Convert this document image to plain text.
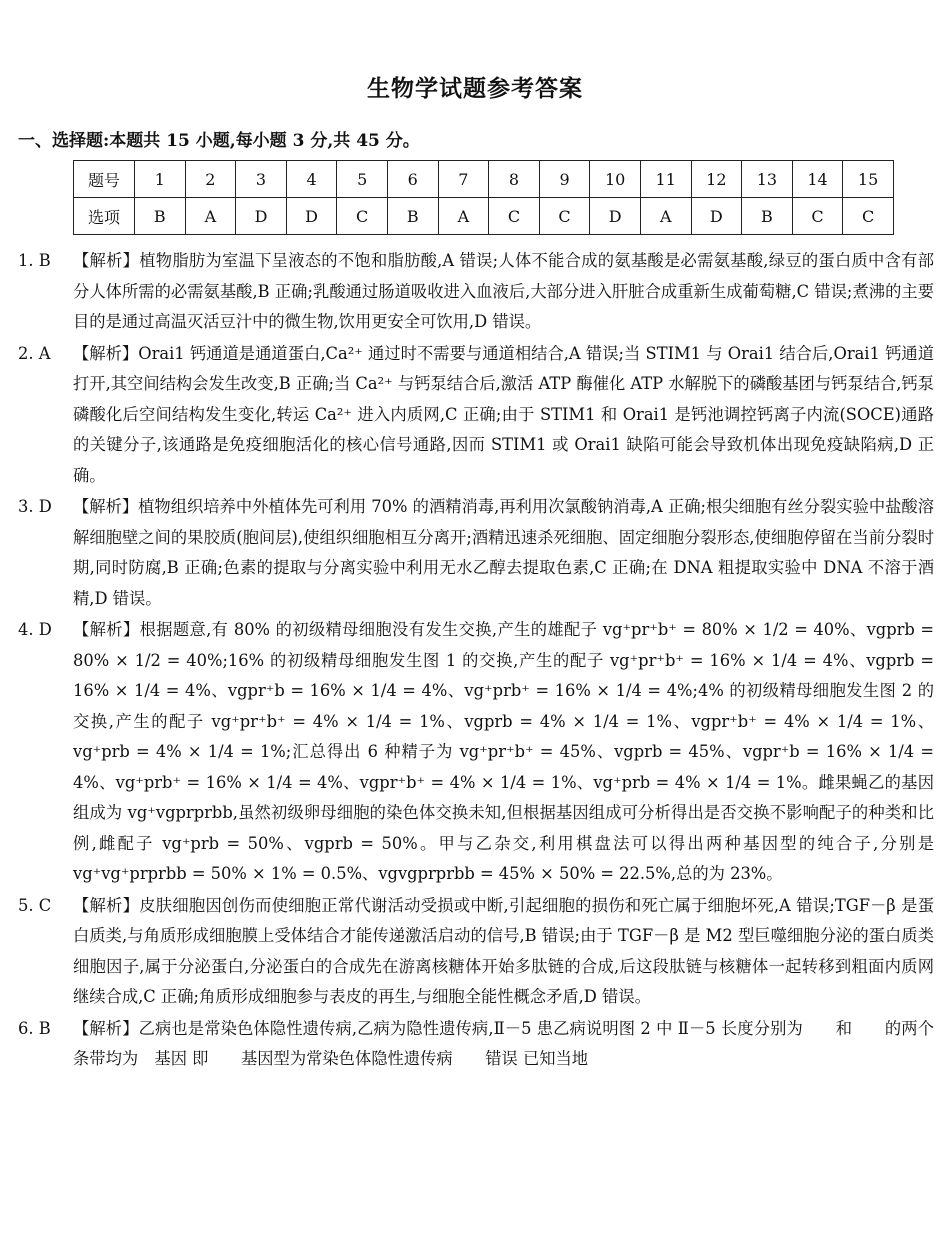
生物学试题参考答案
一、选择题:本题共 15 小题,每小题 3 分,共 45 分。
题号	1	2	3	4	5	6	7	8	9	10	11	12	13	14	15
选项	B	A	D	D	C	B	A	C	C	D	A	D	B	C	C
1. B	【解析】植物脂肪为室温下呈液态的不饱和脂肪酸,A 错误;人体不能合成的氨基酸是必需氨基酸,绿豆的蛋白质中含有部分人体所需的必需氨基酸,B 正确;乳酸通过肠道吸收进入血液后,大部分进入肝脏合成重新生成葡萄糖,C 错误;煮沸的主要目的是通过高温灭活豆汁中的微生物,饮用更安全可饮用,D 错误。
2. A	【解析】Orai1 钙通道是通道蛋白,Ca²⁺ 通过时不需要与通道相结合,A 错误;当 STIM1 与 Orai1 结合后,Orai1 钙通道打开,其空间结构会发生改变,B 正确;当 Ca²⁺ 与钙泵结合后,激活 ATP 酶催化 ATP 水解脱下的磷酸基团与钙泵结合,钙泵磷酸化后空间结构发生变化,转运 Ca²⁺ 进入内质网,C 正确;由于 STIM1 和 Orai1 是钙池调控钙离子内流(SOCE)通路的关键分子,该通路是免疫细胞活化的核心信号通路,因而 STIM1 或 Orai1 缺陷可能会导致机体出现免疫缺陷病,D 正确。
3. D	【解析】植物组织培养中外植体先可利用 70% 的酒精消毒,再利用次氯酸钠消毒,A 正确;根尖细胞有丝分裂实验中盐酸溶解细胞壁之间的果胶质(胞间层),使组织细胞相互分离开;酒精迅速杀死细胞、固定细胞分裂形态,使细胞停留在当前分裂时期,同时防腐,B 正确;色素的提取与分离实验中利用无水乙醇去提取色素,C 正确;在 DNA 粗提取实验中 DNA 不溶于酒精,D 错误。
4. D	【解析】根据题意,有 80% 的初级精母细胞没有发生交换,产生的雄配子 vg⁺pr⁺b⁺ = 80% × 1/2 = 40%、vgprb = 80% × 1/2 = 40%;16% 的初级精母细胞发生图 1 的交换,产生的配子 vg⁺pr⁺b⁺ = 16% × 1/4 = 4%、vgprb = 16% × 1/4 = 4%、vgpr⁺b = 16% × 1/4 = 4%、vg⁺prb⁺ = 16% × 1/4 = 4%;4% 的初级精母细胞发生图 2 的交换,产生的配子 vg⁺pr⁺b⁺ = 4% × 1/4 = 1%、vgprb = 4% × 1/4 = 1%、vgpr⁺b⁺ = 4% × 1/4 = 1%、vg⁺prb = 4% × 1/4 = 1%;汇总得出 6 种精子为 vg⁺pr⁺b⁺ = 45%、vgprb = 45%、vgpr⁺b = 16% × 1/4 = 4%、vg⁺prb⁺ = 16% × 1/4 = 4%、vgpr⁺b⁺ = 4% × 1/4 = 1%、vg⁺prb = 4% × 1/4 = 1%。雌果蝇乙的基因组成为 vg⁺vgprprbb,虽然初级卵母细胞的染色体交换未知,但根据基因组成可分析得出是否交换不影响配子的种类和比例,雌配子 vg⁺prb = 50%、vgprb = 50%。甲与乙杂交,利用棋盘法可以得出两种基因型的纯合子,分别是 vg⁺vg⁺prprbb = 50% × 1% = 0.5%、vgvgprprbb = 45% × 50% = 22.5%,总的为 23%。
5. C	【解析】皮肤细胞因创伤而使细胞正常代谢活动受损或中断,引起细胞的损伤和死亡属于细胞坏死,A 错误;TGF－β 是蛋白质类,与角质形成细胞膜上受体结合才能传递激活启动的信号,B 错误;由于 TGF－β 是 M2 型巨噬细胞分泌的蛋白质类细胞因子,属于分泌蛋白,分泌蛋白的合成先在游离核糖体开始多肽链的合成,后这段肽链与核糖体一起转移到粗面内质网继续合成,C 正确;角质形成细胞参与表皮的再生,与细胞全能性概念矛盾,D 错误。
6. B	【解析】乙病也是常染色体隐性遗传病,乙病为隐性遗传病,Ⅱ－5 患乙病说明图 2 中 Ⅱ－5 长度分别为　　和　　的两个条带均为　基因 即　　基因型为常染色体隐性遗传病　　错误 已知当地
